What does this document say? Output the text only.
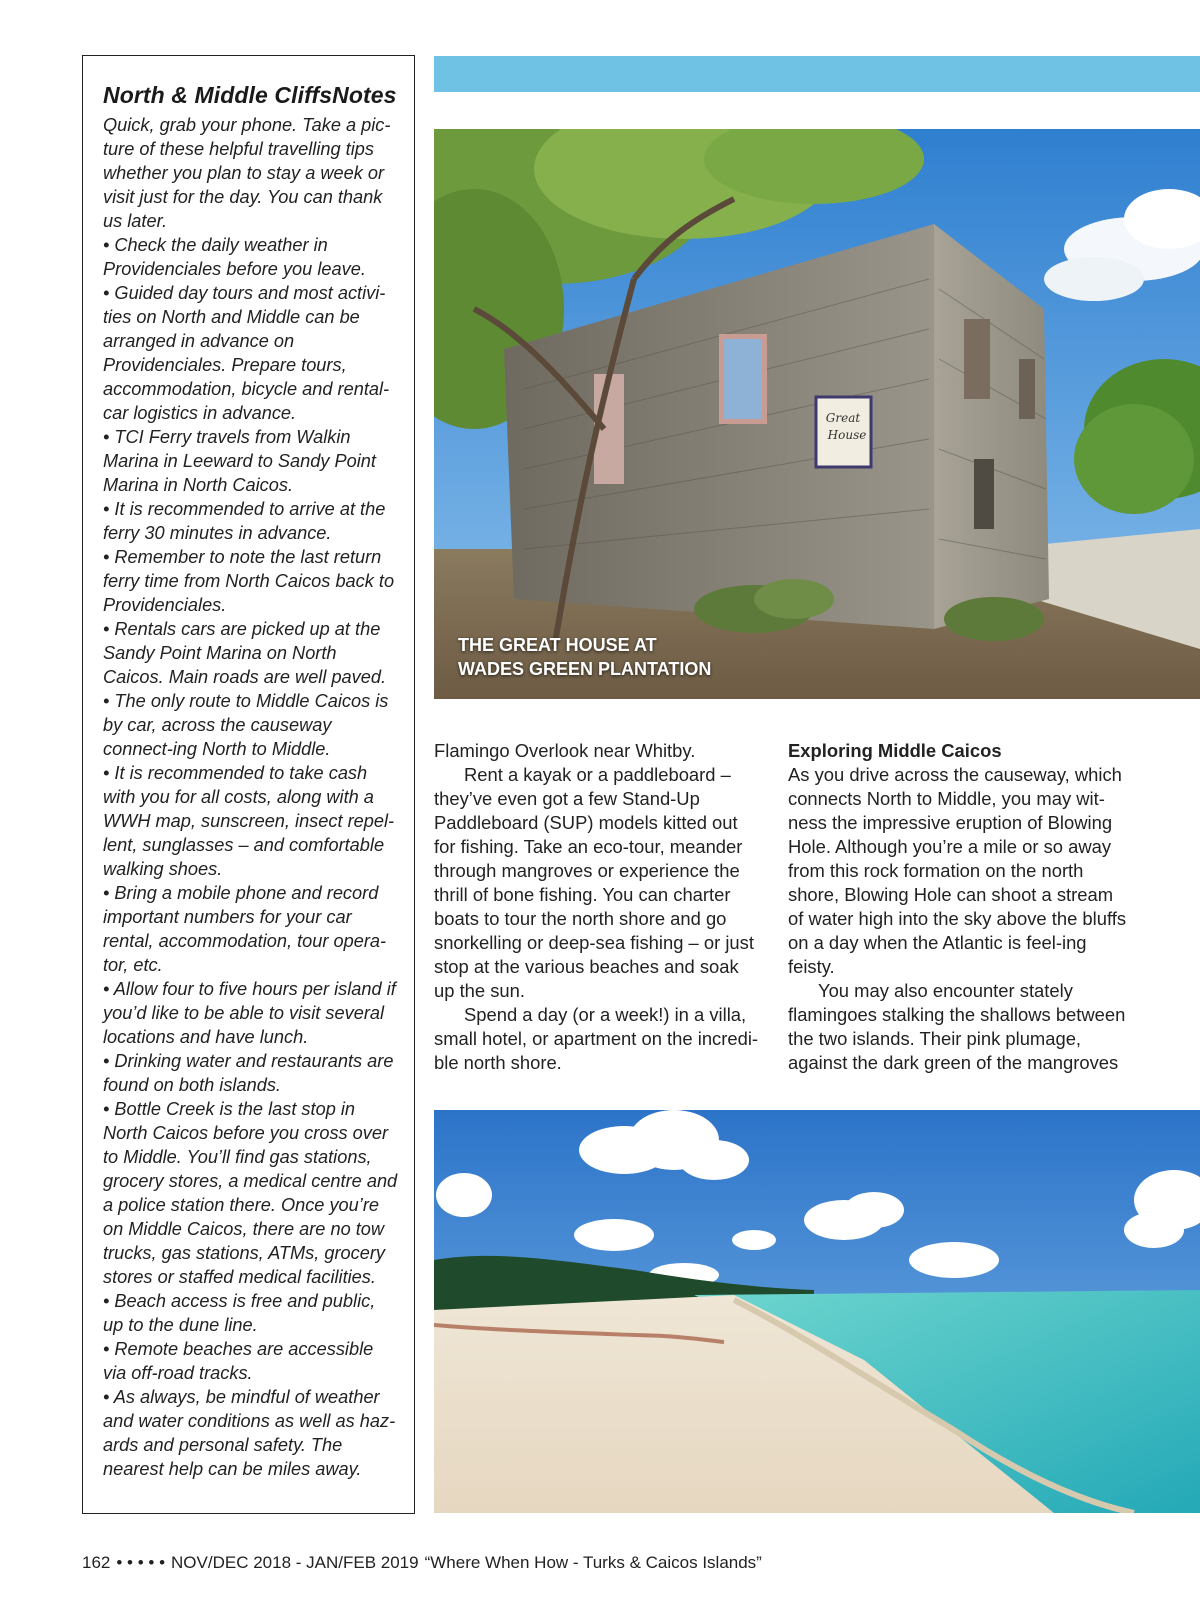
North & Middle CliffsNotes

Quick, grab your phone. Take a pic-ture of these helpful travelling tips whether you plan to stay a week or visit just for the day. You can thank us later.

• Check the daily weather in Providenciales before you leave.
• Guided day tours and most activi-ties on North and Middle can be arranged in advance on Providenciales. Prepare tours, accommodation, bicycle and rental-car logistics in advance.
• TCI Ferry travels from Walkin Marina in Leeward to Sandy Point Marina in North Caicos.
• It is recommended to arrive at the ferry 30 minutes in advance.
• Remember to note the last return ferry time from North Caicos back to Providenciales.
• Rentals cars are picked up at the Sandy Point Marina on North Caicos. Main roads are well paved.
• The only route to Middle Caicos is by car, across the causeway connect-ing North to Middle.
• It is recommended to take cash with you for all costs, along with a WWH map, sunscreen, insect repel-lent, sunglasses – and comfortable walking shoes.
• Bring a mobile phone and record important numbers for your car rental, accommodation, tour opera-tor, etc.
• Allow four to five hours per island if you’d like to be able to visit several locations and have lunch.
• Drinking water and restaurants are found on both islands.
• Bottle Creek is the last stop in North Caicos before you cross over to Middle. You’ll find gas stations, grocery stores, a medical centre and a police station there. Once you’re on Middle Caicos, there are no tow trucks, gas stations, ATMs, grocery stores or staffed medical facilities.
• Beach access is free and public, up to the dune line.
• Remote beaches are accessible via off-road tracks.
• As always, be mindful of weather and water conditions as well as haz-ards and personal safety. The nearest help can be miles away.
Great
House
THE GREAT HOUSE AT
WADES GREEN PLANTATION

Flamingo Overlook near Whitby.

Rent a kayak or a paddleboard – they’ve even got a few Stand-Up Paddleboard (SUP) models kitted out for fishing. Take an eco-tour, meander through mangroves or experience the thrill of bone fishing. You can charter boats to tour the north shore and go snorkelling or deep-sea fishing – or just stop at the various beaches and soak up the sun.

Spend a day (or a week!) in a villa, small hotel, or apartment on the incredi-ble north shore.

Exploring Middle Caicos

As you drive across the causeway, which connects North to Middle, you may wit-ness the impressive eruption of Blowing Hole. Although you’re a mile or so away from this rock formation on the north shore, Blowing Hole can shoot a stream of water high into the sky above the bluffs on a day when the Atlantic is feel-ing feisty.

You may also encounter stately flamingoes stalking the shallows between the two islands. Their pink plumage, against the dark green of the mangroves

162 • • • • • NOV/DEC 2018 - JAN/FEB 2019 “Where When How - Turks & Caicos Islands”
